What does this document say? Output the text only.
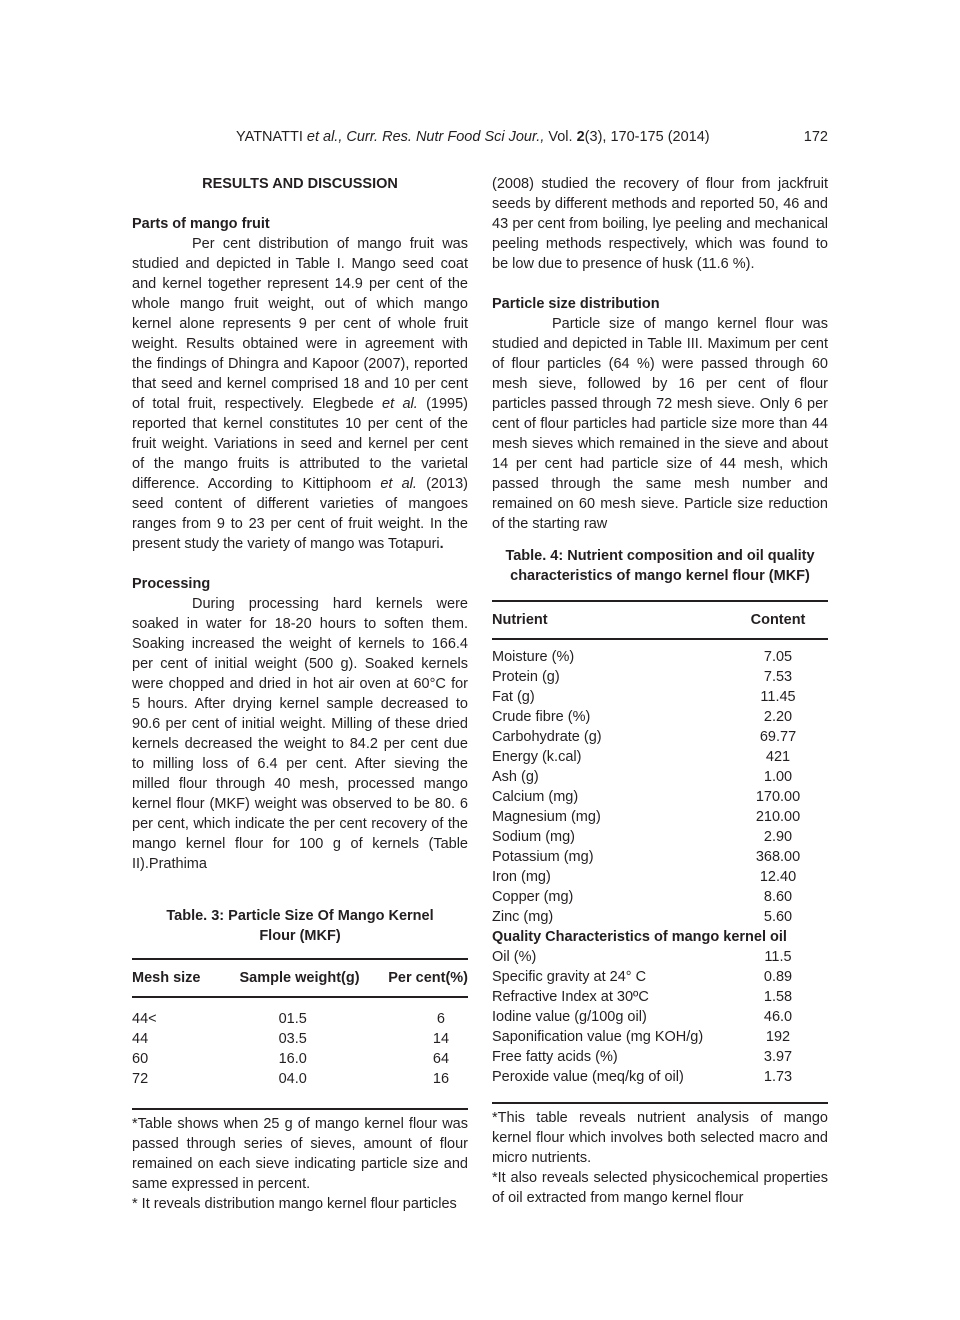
YATNATTI et al., Curr. Res. Nutr Food Sci Jour., Vol. 2(3), 170-175 (2014)	172

RESULTS AND DISCUSSION

Parts of mango fruit

Per cent distribution of mango fruit was studied and depicted in Table I. Mango seed coat and kernel together represent 14.9 per cent of the whole mango fruit weight, out of which mango kernel alone represents 9 per cent of whole fruit weight. Results obtained were in agreement with the findings of Dhingra and Kapoor (2007), reported that seed and kernel comprised 18 and 10 per cent of total fruit, respectively. Elegbede et al. (1995) reported that kernel constitutes 10 per cent of the fruit weight. Variations in seed and kernel per cent of the mango fruits is attributed to the varietal difference. According to Kittiphoom et al. (2013) seed content of different varieties of mangoes ranges from 9 to 23 per cent of fruit weight. In the present study the variety of mango was Totapuri.

Processing

During processing hard kernels were soaked in water for 18-20 hours to soften them. Soaking increased the weight of kernels to 166.4 per cent of initial weight (500 g). Soaked kernels were chopped and dried in hot air oven at 60°C for 5 hours. After drying kernel sample decreased to 90.6 per cent of initial weight. Milling of these dried kernels decreased the weight to 84.2 per cent due to milling loss of 6.4 per cent. After sieving the milled flour through 40 mesh, processed mango kernel flour (MKF) weight was observed to be 80. 6 per cent, which indicate the per cent recovery of the mango kernel flour for 100 g of kernels (Table II).Prathima

Table. 3: Particle Size Of Mango Kernel Flour (MKF)

Mesh size	Sample weight(g)	Per cent(%)

44<	01.5	6
44	03.5	14
60	16.0	64
72	04.0	16

*Table shows when 25 g of mango kernel flour was passed through series of sieves, amount of flour remained on each sieve indicating particle size and same expressed in percent.

* It reveals distribution mango kernel flour particles

(2008) studied the recovery of flour from jackfruit seeds by different methods and reported 50, 46 and 43 per cent from boiling, lye peeling and mechanical peeling methods respectively, which was found to be low due to presence of husk (11.6 %).

Particle size distribution

Particle size of mango kernel flour was studied and depicted in Table III. Maximum per cent of flour particles (64 %) were passed through 60 mesh sieve, followed by 16 per cent of flour particles passed through 72 mesh sieve. Only 6 per cent of flour particles had particle size more than 44 mesh sieves which remained in the sieve and about 14 per cent had particle size of 44 mesh, which passed through the same mesh number and remained on 60 mesh sieve. Particle size reduction of the starting raw

Table. 4: Nutrient composition and oil quality characteristics of mango kernel flour (MKF)

Nutrient	Content

Moisture (%)	7.05
Protein (g)	7.53
Fat (g)	11.45
Crude fibre (%)	2.20
Carbohydrate (g)	69.77
Energy (k.cal)	421
Ash (g)	1.00
Calcium (mg)	170.00
Magnesium (mg)	210.00
Sodium (mg)	2.90
Potassium (mg)	368.00
Iron (mg)	12.40
Copper (mg)	8.60
Zinc (mg)	5.60
Quality Characteristics of mango kernel oil	
Oil (%)	11.5
Specific gravity at 24° C	0.89
Refractive Index at 30ºC	1.58
Iodine value (g/100g oil)	46.0
Saponification value (mg KOH/g)	192
Free fatty acids (%)	3.97
Peroxide value (meq/kg of oil)	1.73

*This table reveals nutrient analysis of mango kernel flour which involves both selected macro and micro nutrients.

*It also reveals selected physicochemical properties of oil extracted from mango kernel flour
